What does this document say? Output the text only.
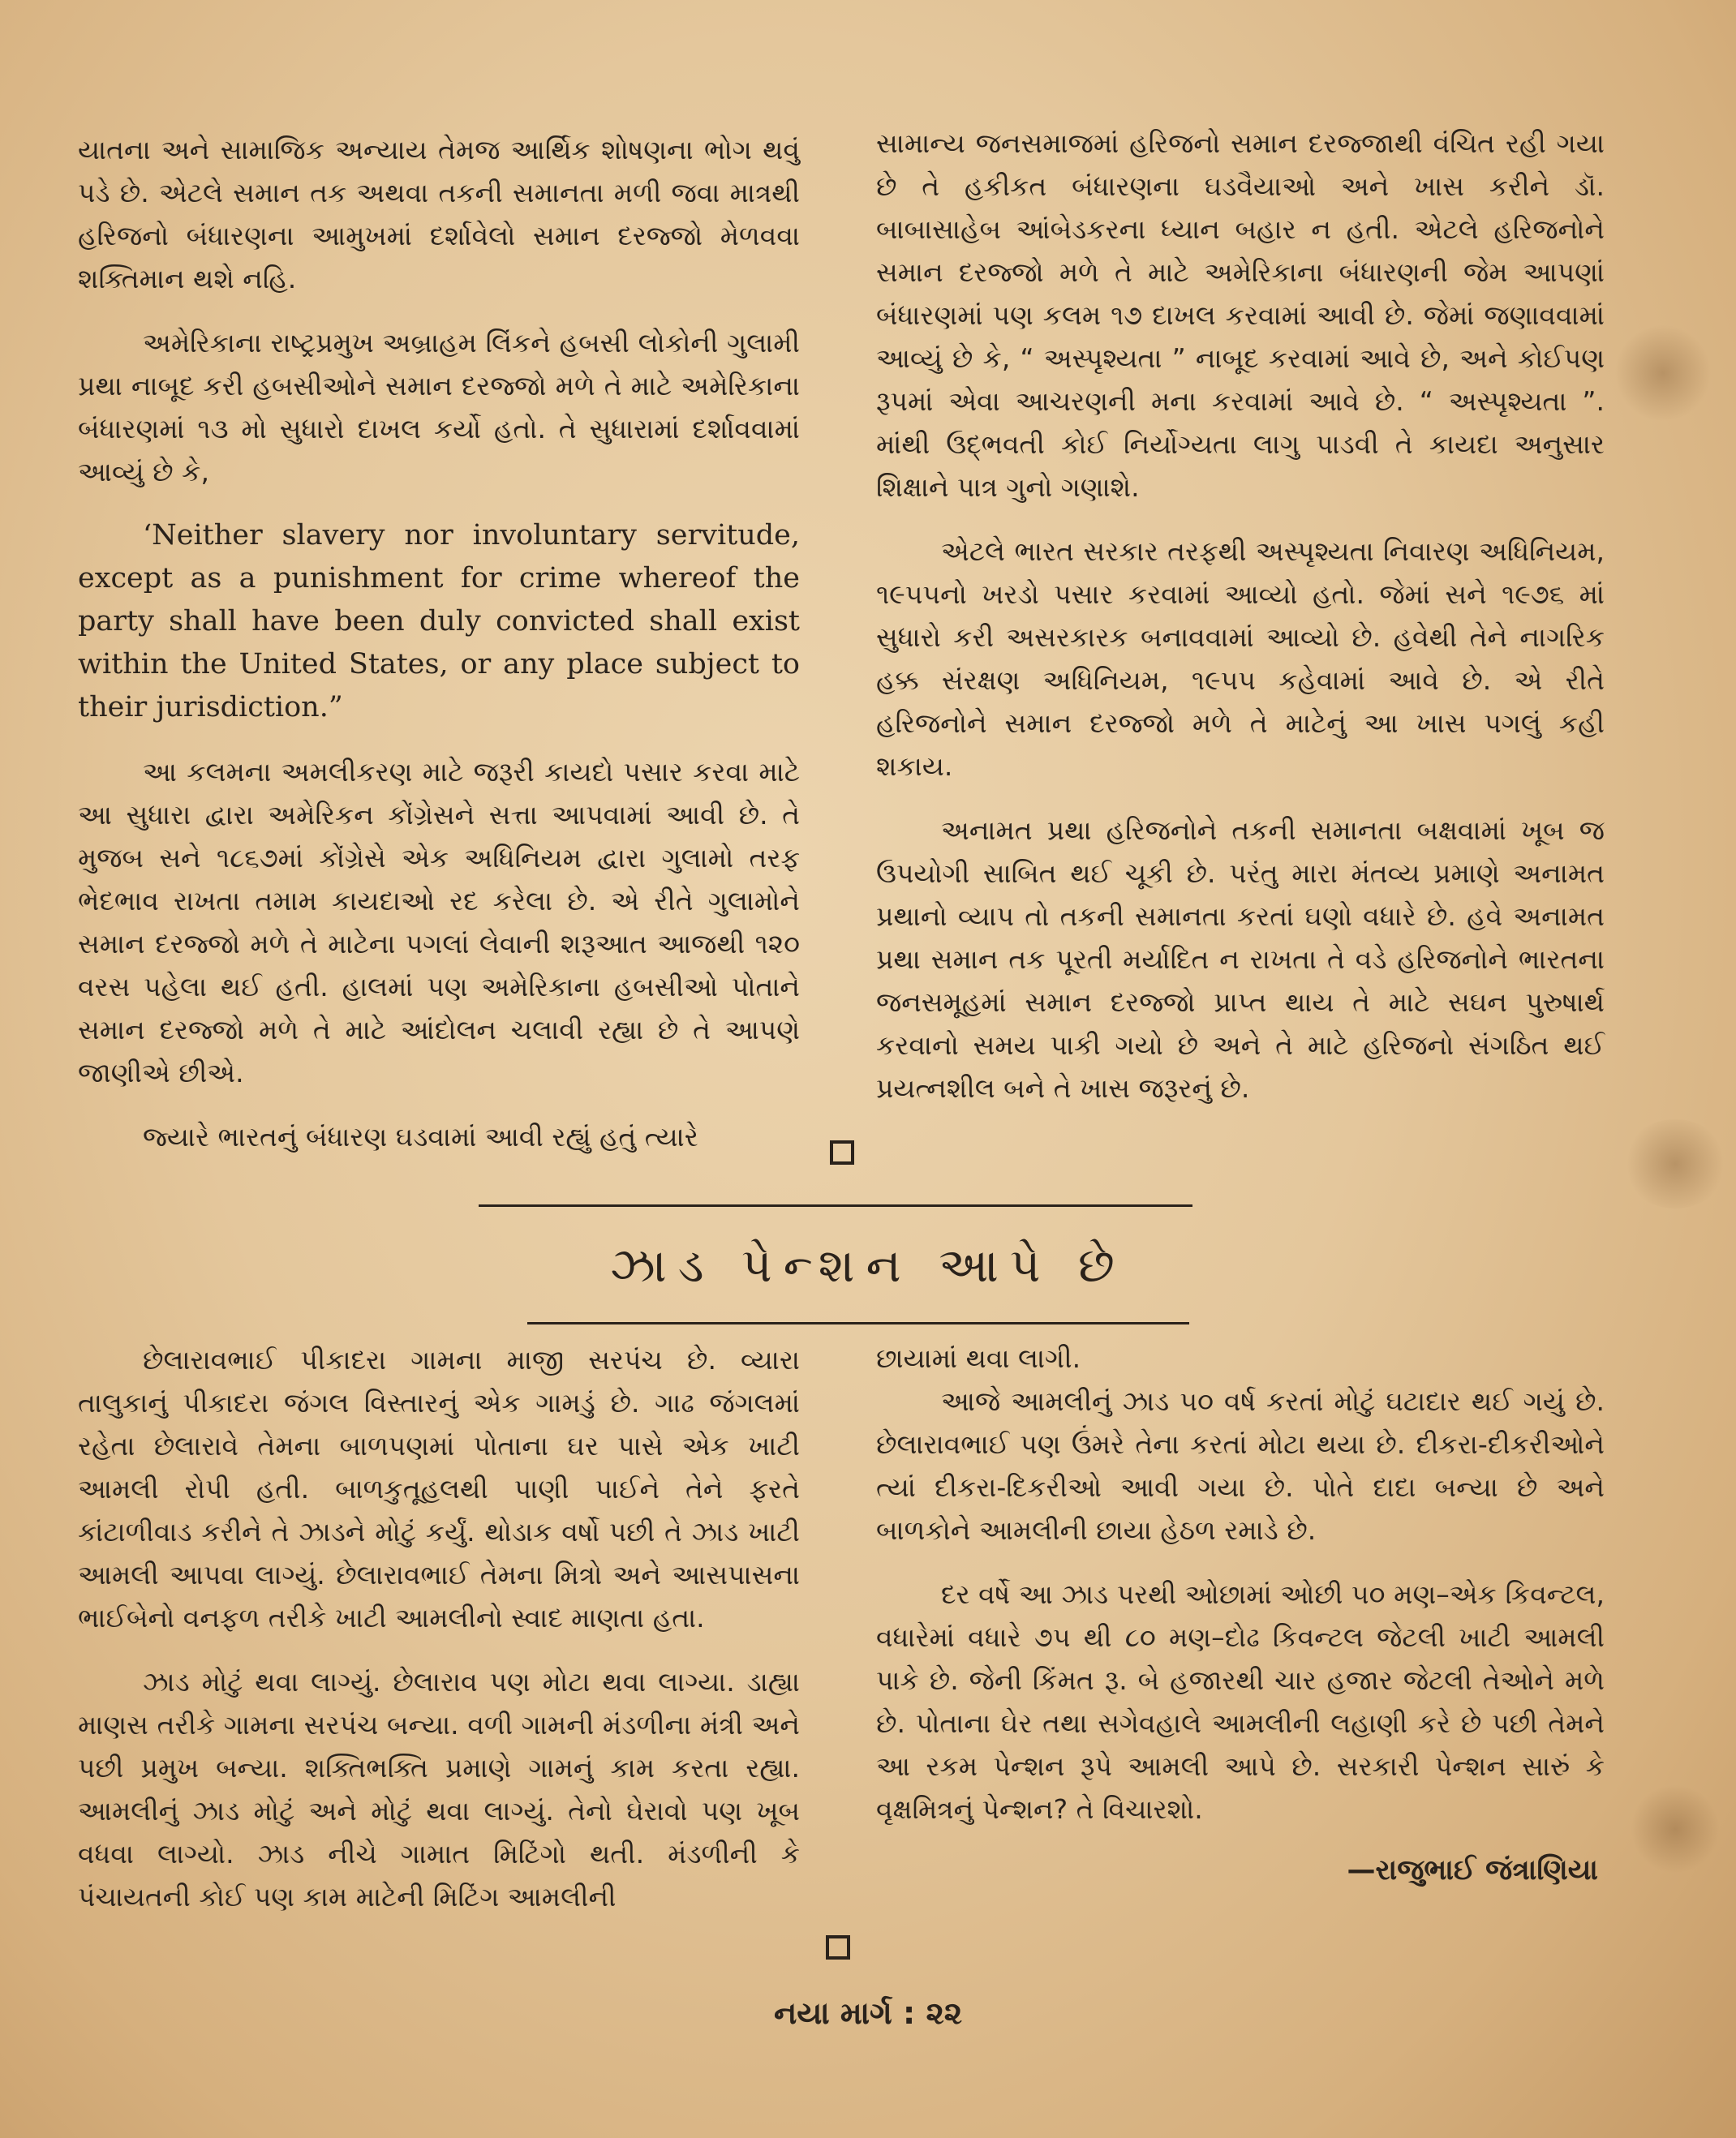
યાતના અને સામાજિક અન્યાય તેમજ આર્થિક શોષણના ભોગ થવું પડે છે. એટલે સમાન તક અથવા તકની સમાનતા મળી જવા માત્રથી હરિજનો બંધારણના આમુખમાં દર્શાવેલો સમાન દરજ્જો મેળવવા શક્તિમાન થશે નહિ.

અમેરિકાના રાષ્ટ્રપ્રમુખ અબ્રાહમ લિંકને હબસી લોકોની ગુલામી પ્રથા નાબૂદ કરી હબસીઓને સમાન દરજ્જો મળે તે માટે અમેરિકાના બંધારણમાં ૧૩ મો સુધારો દાખલ કર્યો હતો. તે સુધારામાં દર્શાવવામાં આવ્યું છે કે,

‘Neither slavery nor involuntary servitude, except as a punishment for crime whereof the party shall have been duly convicted shall exist within the United States, or any place subject to their jurisdiction.”

આ કલમના અમલીકરણ માટે જરૂરી કાયદો પસાર કરવા માટે આ સુધારા દ્વારા અમેરિકન કોંગ્રેસને સત્તા આપવામાં આવી છે. તે મુજબ સને ૧૮૬૭માં કોંગ્રેસે એક અધિનિયમ દ્વારા ગુલામો તરફ ભેદભાવ રાખતા તમામ કાયદાઓ રદ કરેલા છે. એ રીતે ગુલામોને સમાન દરજ્જો મળે તે માટેના પગલાં લેવાની શરૂઆત આજથી ૧૨૦ વરસ પહેલા થઈ હતી. હાલમાં પણ અમેરિકાના હબસીઓ પોતાને સમાન દરજ્જો મળે તે માટે આંદોલન ચલાવી રહ્યા છે તે આપણે જાણીએ છીએ.

જ્યારે ભારતનું બંધારણ ઘડવામાં આવી રહ્યું હતું ત્યારે

સામાન્ય જનસમાજમાં હરિજનો સમાન દરજ્જાથી વંચિત રહી ગયા છે તે હકીકત બંધારણના ઘડવૈયાઓ અને ખાસ કરીને ડૉ. બાબાસાહેબ આંબેડકરના ધ્યાન બહાર ન હતી. એટલે હરિજનોને સમાન દરજ્જો મળે તે માટે અમેરિકાના બંધારણની જેમ આપણાં બંધારણમાં પણ કલમ ૧૭ દાખલ કરવામાં આવી છે. જેમાં જણાવવામાં આવ્યું છે કે, “ અસ્પૃશ્યતા ” નાબૂદ કરવામાં આવે છે, અને કોઈપણ રૂપમાં એવા આચરણની મના કરવામાં આવે છે. “ અસ્પૃશ્યતા ”. માંથી ઉદ્‌ભવતી કોઈ નિર્યોગ્યતા લાગુ પાડવી તે કાયદા અનુસાર શિક્ષાને પાત્ર ગુનો ગણાશે.

એટલે ભારત સરકાર તરફથી અસ્પૃશ્યતા નિવારણ અધિનિયમ, ૧૯૫૫નો ખરડો પસાર કરવામાં આવ્યો હતો. જેમાં સને ૧૯૭૬ માં સુધારો કરી અસરકારક બનાવવામાં આવ્યો છે. હવેથી તેને નાગરિક હક્ક સંરક્ષણ અધિનિયમ, ૧૯૫૫ કહેવામાં આવે છે. એ રીતે હરિજનોને સમાન દરજ્જો મળે તે માટેનું આ ખાસ પગલું કહી શકાય.

અનામત પ્રથા હરિજનોને તકની સમાનતા બક્ષવામાં ખૂબ જ ઉપયોગી સાબિત થઈ ચૂકી છે. પરંતુ મારા મંતવ્ય પ્રમાણે અનામત પ્રથાનો વ્યાપ તો તકની સમાનતા કરતાં ઘણો વધારે છે. હવે અનામત પ્રથા સમાન તક પૂરતી મર્યાદિત ન રાખતા તે વડે હરિજનોને ભારતના જનસમૂહમાં સમાન દરજ્જો પ્રાપ્ત થાય તે માટે સઘન પુરુષાર્થ કરવાનો સમય પાકી ગયો છે અને તે માટે હરિજનો સંગઠિત થઈ પ્રયત્નશીલ બને તે ખાસ જરૂરનું છે.

ઝાડ પેન્શન આપે છે

છેલારાવભાઈ પીકાદરા ગામના માજી સરપંચ છે. વ્યારા તાલુકાનું પીકાદરા જંગલ વિસ્તારનું એક ગામડું છે. ગાઢ જંગલમાં રહેતા છેલારાવે તેમના બાળપણમાં પોતાના ઘર પાસે એક ખાટી આમલી રોપી હતી. બાળકુતૂહલથી પાણી પાઈને તેને ફરતે કાંટાળીવાડ કરીને તે ઝાડને મોટું કર્યું. થોડાક વર્ષો પછી તે ઝાડ ખાટી આમલી આપવા લાગ્યું. છેલારાવભાઈ તેમના મિત્રો અને આસપાસના ભાઈબેનો વનફળ તરીકે ખાટી આમલીનો સ્વાદ માણતા હતા.

ઝાડ મોટું થવા લાગ્યું. છેલારાવ પણ મોટા થવા લાગ્યા. ડાહ્યા માણસ તરીકે ગામના સરપંચ બન્યા. વળી ગામની મંડળીના મંત્રી અને પછી પ્રમુખ બન્યા. શક્તિભક્તિ પ્રમાણે ગામનું કામ કરતા રહ્યા. આમલીનું ઝાડ મોટું અને મોટું થવા લાગ્યું. તેનો ઘેરાવો પણ ખૂબ વધવા લાગ્યો. ઝાડ નીચે ગામાત મિટિંગો થતી. મંડળીની કે પંચાયતની કોઈ પણ કામ માટેની મિટિંગ આમલીની

છાયામાં થવા લાગી.

આજે આમલીનું ઝાડ ૫૦ વર્ષ કરતાં મોટું ઘટાદાર થઈ ગયું છે. છેલારાવભાઈ પણ ઉંમરે તેના કરતાં મોટા થયા છે. દીકરા-દીકરીઓને ત્યાં દીકરા-દિકરીઓ આવી ગયા છે. પોતે દાદા બન્યા છે અને બાળકોને આમલીની છાયા હેઠળ રમાડે છે.

દર વર્ષે આ ઝાડ પરથી ઓછામાં ઓછી ૫૦ મણ–એક કિવન્ટલ, વધારેમાં વધારે ૭૫ થી ૮૦ મણ–દોઢ કિવન્ટલ જેટલી ખાટી આમલી પાકે છે. જેની કિંમત રૂ. બે હજારથી ચાર હજાર જેટલી તેઓને મળે છે. પોતાના ઘેર તથા સગેવહાલે આમલીની લહાણી કરે છે પછી તેમને આ રકમ પેન્શન રૂપે આમલી આપે છે. સરકારી પેન્શન સારું કે વૃક્ષમિત્રનું પેન્શન? તે વિચારશો.

—રાજુભાઈ જંત્રાણિયા
નયા માર્ગ : ૨૨
